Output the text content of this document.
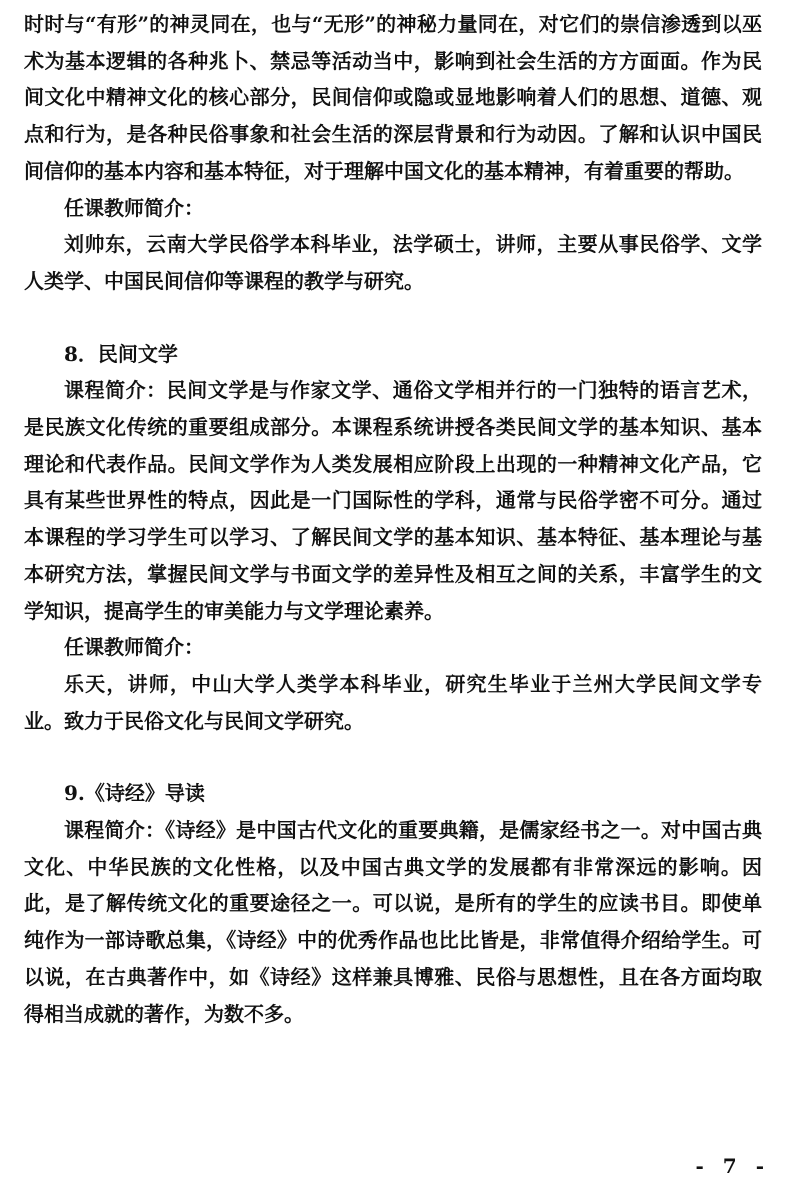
时时与“有形”的神灵同在，也与“无形”的神秘力量同在，对它们的崇信渗透到以巫术为基本逻辑的各种兆卜、禁忌等活动当中，影响到社会生活的方方面面。作为民间文化中精神文化的核心部分，民间信仰或隐或显地影响着人们的思想、道德、观点和行为，是各种民俗事象和社会生活的深层背景和行为动因。了解和认识中国民间信仰的基本内容和基本特征，对于理解中国文化的基本精神，有着重要的帮助。

任课教师简介：

刘帅东，云南大学民俗学本科毕业，法学硕士，讲师，主要从事民俗学、文学人类学、中国民间信仰等课程的教学与研究。

8．民间文学

课程简介：民间文学是与作家文学、通俗文学相并行的一门独特的语言艺术，是民族文化传统的重要组成部分。本课程系统讲授各类民间文学的基本知识、基本理论和代表作品。民间文学作为人类发展相应阶段上出现的一种精神文化产品，它具有某些世界性的特点，因此是一门国际性的学科，通常与民俗学密不可分。通过本课程的学习学生可以学习、了解民间文学的基本知识、基本特征、基本理论与基本研究方法，掌握民间文学与书面文学的差异性及相互之间的关系，丰富学生的文学知识，提高学生的审美能力与文学理论素养。

任课教师简介：

乐天，讲师，中山大学人类学本科毕业，研究生毕业于兰州大学民间文学专业。致力于民俗文化与民间文学研究。

9.《诗经》导读

课程简介：《诗经》是中国古代文化的重要典籍，是儒家经书之一。对中国古典文化、中华民族的文化性格，以及中国古典文学的发展都有非常深远的影响。因此，是了解传统文化的重要途径之一。可以说，是所有的学生的应读书目。即使单纯作为一部诗歌总集，《诗经》中的优秀作品也比比皆是，非常值得介绍给学生。可以说，在古典著作中，如《诗经》这样兼具博雅、民俗与思想性，且在各方面均取得相当成就的著作，为数不多。

- 7 -
